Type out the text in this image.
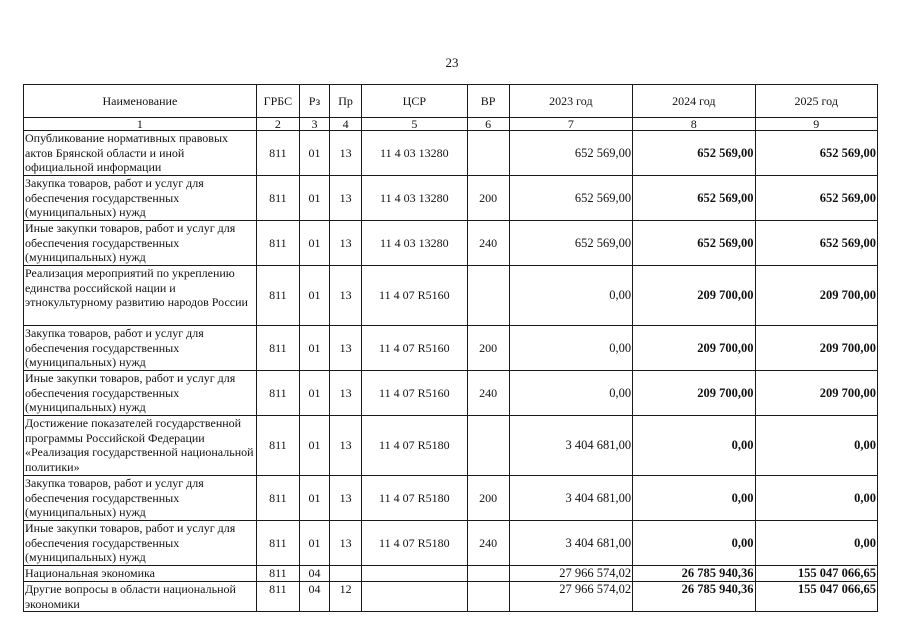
23
Наименование	ГРБС	Рз	Пр	ЦСР	ВР	2023 год	2024 год	2025 год
1	2	3	4	5	6	7	8	9
Опубликование нормативных правовых актов Брянской области и иной официальной информации	811	01	13	11 4 03 13280		652 569,00	652 569,00	652 569,00
Закупка товаров, работ и услуг для обеспечения государственных (муниципальных) нужд	811	01	13	11 4 03 13280	200	652 569,00	652 569,00	652 569,00
Иные закупки товаров, работ и услуг для обеспечения государственных (муниципальных) нужд	811	01	13	11 4 03 13280	240	652 569,00	652 569,00	652 569,00
Реализация мероприятий по укреплению единства российской нации и этнокультурному развитию народов России	811	01	13	11 4 07 R5160		0,00	209 700,00	209 700,00
Закупка товаров, работ и услуг для обеспечения государственных (муниципальных) нужд	811	01	13	11 4 07 R5160	200	0,00	209 700,00	209 700,00
Иные закупки товаров, работ и услуг для обеспечения государственных (муниципальных) нужд	811	01	13	11 4 07 R5160	240	0,00	209 700,00	209 700,00
Достижение показателей государственной программы Российской Федерации «Реализация государственной национальной политики»	811	01	13	11 4 07 R5180		3 404 681,00	0,00	0,00
Закупка товаров, работ и услуг для обеспечения государственных (муниципальных) нужд	811	01	13	11 4 07 R5180	200	3 404 681,00	0,00	0,00
Иные закупки товаров, работ и услуг для обеспечения государственных (муниципальных) нужд	811	01	13	11 4 07 R5180	240	3 404 681,00	0,00	0,00
Национальная экономика	811	04				27 966 574,02	26 785 940,36	155 047 066,65
Другие вопросы в области национальной экономики	811	04	12			27 966 574,02	26 785 940,36	155 047 066,65
